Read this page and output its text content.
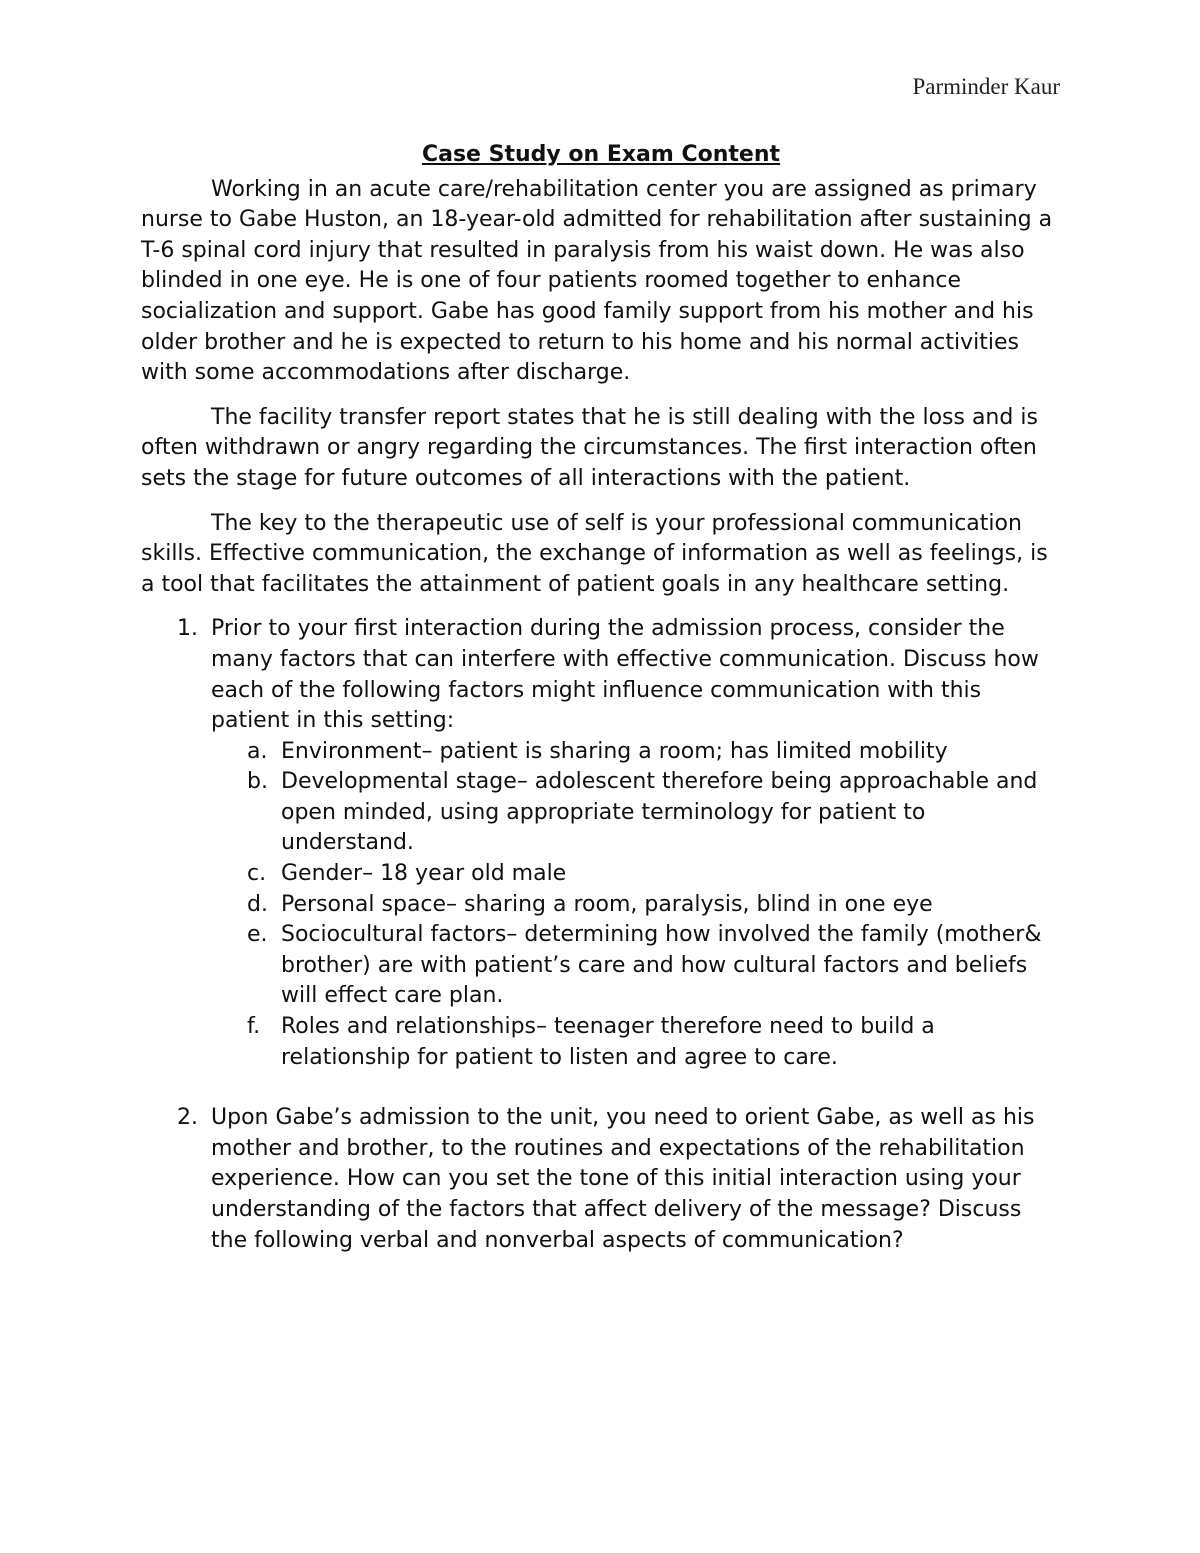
Parminder Kaur
Case Study on Exam Content

Working in an acute care/rehabilitation center you are assigned as primary nurse to Gabe Huston, an 18-year-old admitted for rehabilitation after sustaining a T-6 spinal cord injury that resulted in paralysis from his waist down. He was also blinded in one eye. He is one of four patients roomed together to enhance socialization and support. Gabe has good family support from his mother and his older brother and he is expected to return to his home and his normal activities with some accommodations after discharge.

The facility transfer report states that he is still dealing with the loss and is often withdrawn or angry regarding the circumstances. The first interaction often sets the stage for future outcomes of all interactions with the patient.

The key to the therapeutic use of self is your professional communication skills. Effective communication, the exchange of information as well as feelings, is a tool that facilitates the attainment of patient goals in any healthcare setting.

1. Prior to your first interaction during the admission process, consider the many factors that can interfere with effective communication. Discuss how each of the following factors might influence communication with this patient in this setting:
a. Environment– patient is sharing a room; has limited mobility
b. Developmental stage– adolescent therefore being approachable and open minded, using appropriate terminology for patient to understand.
c. Gender– 18 year old male
d. Personal space– sharing a room, paralysis, blind in one eye
e. Sociocultural factors– determining how involved the family (mother& brother) are with patient’s care and how cultural factors and beliefs will effect care plan.
f. Roles and relationships– teenager therefore need to build a relationship for patient to listen and agree to care.
2. Upon Gabe’s admission to the unit, you need to orient Gabe, as well as his mother and brother, to the routines and expectations of the rehabilitation experience. How can you set the tone of this initial interaction using your understanding of the factors that affect delivery of the message? Discuss the following verbal and nonverbal aspects of communication?
